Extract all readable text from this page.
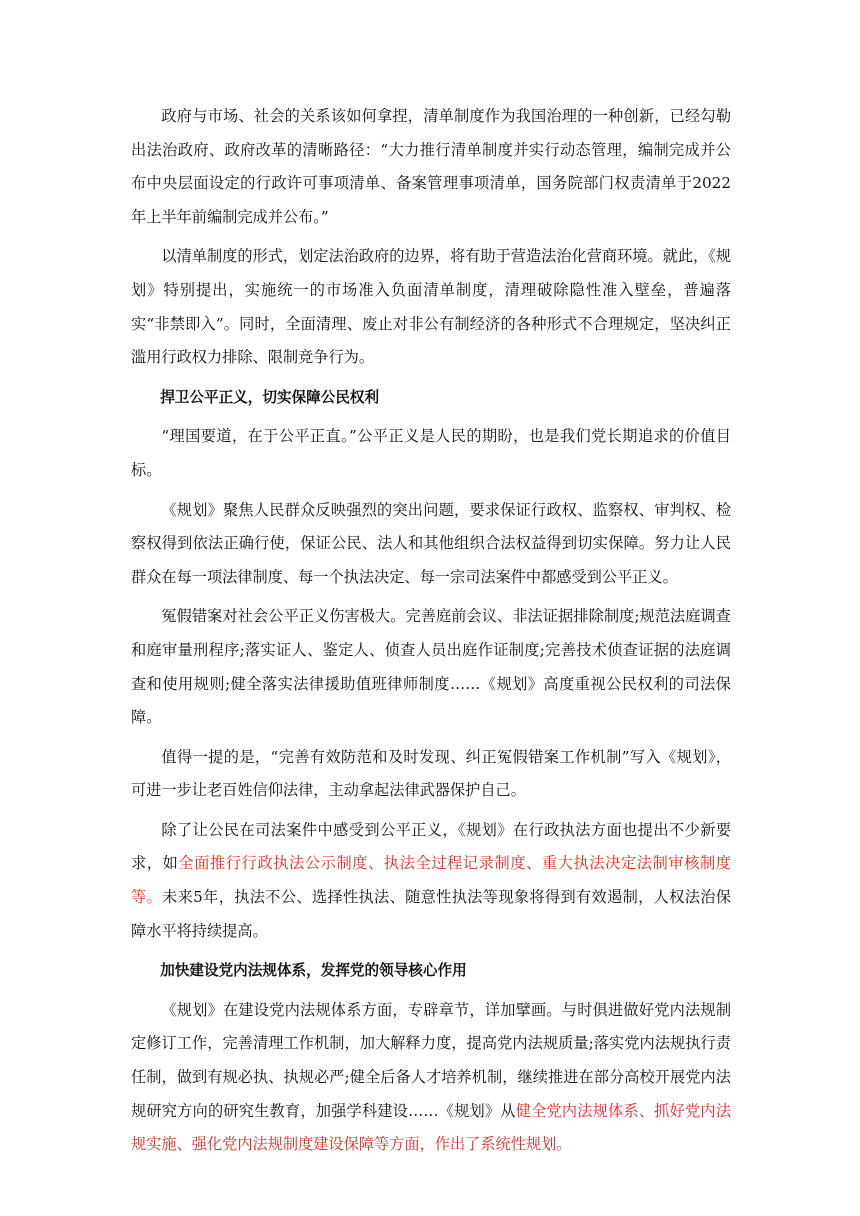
政府与市场、社会的关系该如何拿捏，清单制度作为我国治理的一种创新，已经勾勒出法治政府、政府改革的清晰路径：“大力推行清单制度并实行动态管理，编制完成并公布中央层面设定的行政许可事项清单、备案管理事项清单，国务院部门权责清单于2022年上半年前编制完成并公布。”

以清单制度的形式，划定法治政府的边界，将有助于营造法治化营商环境。就此，《规划》特别提出，实施统一的市场准入负面清单制度，清理破除隐性准入壁垒，普遍落实“非禁即入”。同时，全面清理、废止对非公有制经济的各种形式不合理规定，坚决纠正滥用行政权力排除、限制竞争行为。

捍卫公平正义，切实保障公民权利

“理国要道，在于公平正直。”公平正义是人民的期盼，也是我们党长期追求的价值目标。

《规划》聚焦人民群众反映强烈的突出问题，要求保证行政权、监察权、审判权、检察权得到依法正确行使，保证公民、法人和其他组织合法权益得到切实保障。努力让人民群众在每一项法律制度、每一个执法决定、每一宗司法案件中都感受到公平正义。

冤假错案对社会公平正义伤害极大。完善庭前会议、非法证据排除制度;规范法庭调查和庭审量刑程序;落实证人、鉴定人、侦查人员出庭作证制度;完善技术侦查证据的法庭调查和使用规则;健全落实法律援助值班律师制度……《规划》高度重视公民权利的司法保障。

值得一提的是，“完善有效防范和及时发现、纠正冤假错案工作机制”写入《规划》，可进一步让老百姓信仰法律，主动拿起法律武器保护自己。

除了让公民在司法案件中感受到公平正义，《规划》在行政执法方面也提出不少新要求，如全面推行行政执法公示制度、执法全过程记录制度、重大执法决定法制审核制度等。未来5年，执法不公、选择性执法、随意性执法等现象将得到有效遏制，人权法治保障水平将持续提高。

加快建设党内法规体系，发挥党的领导核心作用

《规划》在建设党内法规体系方面，专辟章节，详加擘画。与时俱进做好党内法规制定修订工作，完善清理工作机制，加大解释力度，提高党内法规质量;落实党内法规执行责任制，做到有规必执、执规必严;健全后备人才培养机制，继续推进在部分高校开展党内法规研究方向的研究生教育，加强学科建设……《规划》从健全党内法规体系、抓好党内法规实施、强化党内法规制度建设保障等方面，作出了系统性规划。
